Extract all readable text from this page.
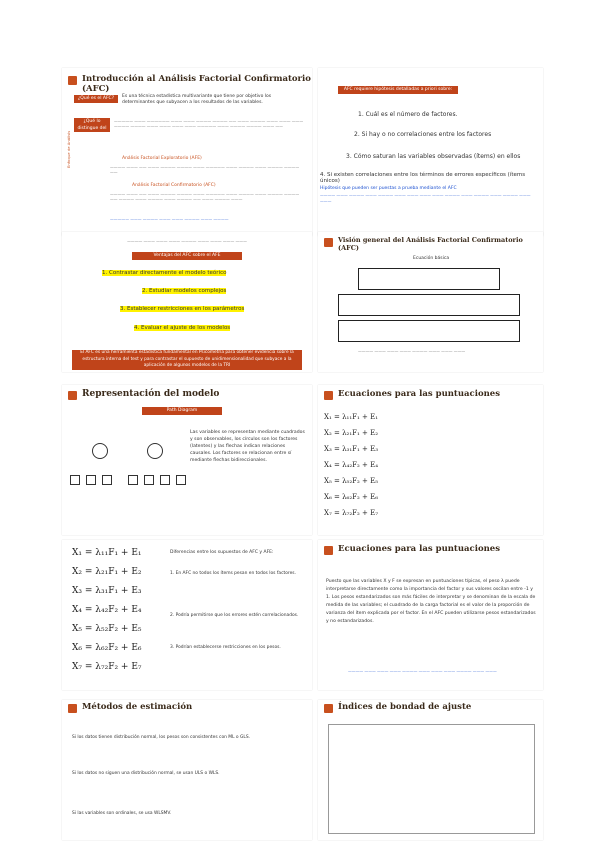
Introducción al Análisis Factorial Confirmatorio (AFC)
¿Qué es el AFC?	Es una técnica estadística multivariante que tiene por objetivo los determinantes que subyacen a los resultados de las variables.
¿Qué lo distingue del ACP?
————— ——— —————— ——— ——— ———— ———— —— ——— ———— ——— ——— ——— ———— ———— ——— ——— ——— ——— ————— ——— ———— ———— ——— ——
Enfoque de Análisis	Análisis Factorial Exploratorio (AFE)
———— ——— —— ——— ———— ———— ——— ————— ——— ———— ——— ———— ———— ——
Análisis Factorial Confirmatorio (AFC)
———— ——— —— ——— ———— ———— ——— ————— ——— ———— ——— ———— ———— —— ———— ——— ———— ——— ———— —— ——— ———— ———
————— ——— ———— ——— ——— ———— ——— ————
AFC requiere hipótesis detalladas a priori sobre:
1. Cuál es el número de factores.
2. Si hay o no correlaciones entre los factores
3. Cómo saturan las variables observadas (ítems) en ellos
4. Si existen correlaciones entre los términos de errores específicos (ítems únicos)
Hipótesis que pueden ser puestas a prueba mediante el AFC
———— ——— ———— ——— ———— ——— ——— ——— ——— ———— ——— ———— ——— ———— ——— ———
———— ——— ——— ——— ———— ——— ——— ——— ———
Ventajas del AFC sobre el AFE
1. Contrastar directamente el modelo teórico
2. Estudiar modelos complejos
3. Establecer restricciones en los parámetros
4. Evaluar el ajuste de los modelos
El AFC es una herramienta estadística fundamental en Psicometría para obtener evidencia sobre la estructura interna del test y para contrastar el supuesto de unidimensionalidad que subyace a la aplicación de algunos modelos de la TRI
Visión general del Análisis Factorial Confirmatorio (AFC)
Ecuación básica
———— ——— ——— ——— ———— ——— ——— ———
Representación del modelo
Path Diagram
Las variables se representan mediante cuadrados y son observables, los círculos son los factores (latentes) y las flechas indican relaciones causales. Los factores se relacionan entre sí mediante flechas bidireccionales.
Ecuaciones para las puntuaciones
X₁ = λ₁₁F₁ + E₁
X₂ = λ₂₁F₁ + E₂
X₃ = λ₃₁F₁ + E₃
X₄ = λ₄₂F₂ + E₄
X₅ = λ₅₂F₂ + E₅
X₆ = λ₆₂F₂ + E₆
X₇ = λ₇₂F₂ + E₇
X₁ = λ₁₁F₁ + E₁
X₂ = λ₂₁F₁ + E₂
X₃ = λ₃₁F₁ + E₃
X₄ = λ₄₂F₂ + E₄
X₅ = λ₅₂F₂ + E₅
X₆ = λ₆₂F₂ + E₆
X₇ = λ₇₂F₂ + E₇
Diferencias entre los supuestos de AFC y AFE:
1. En AFC no todos los ítems pesan en todos los factores.
2. Podría permitirse que los errores estén correlacionados.
3. Podrían establecerse restricciones en los pesos.
Ecuaciones para las puntuaciones
Puesto que las variables X y F se expresan en puntuaciones típicas, el peso λ puede interpretarse directamente como la importancia del factor y sus valores oscilan entre -1 y 1. Los pesos estandarizados son más fáciles de interpretar y se denominan de la escala de medida de las variables; el cuadrado de la carga factorial es el valor de la proporción de varianza del ítem explicada por el factor. En el AFC pueden utilizarse pesos estandarizados y no estandarizados.
———— ——— ——— ——— ———— ——— ——— ——— ———— ——— ———
Métodos de estimación
Si los datos tienen distribución normal, los pesos son consistentes con ML o GLS.
Si los datos no siguen una distribución normal, se usan ULS o WLS.
Si las variables son ordinales, se usa WLSMV.
Índices de bondad de ajuste
